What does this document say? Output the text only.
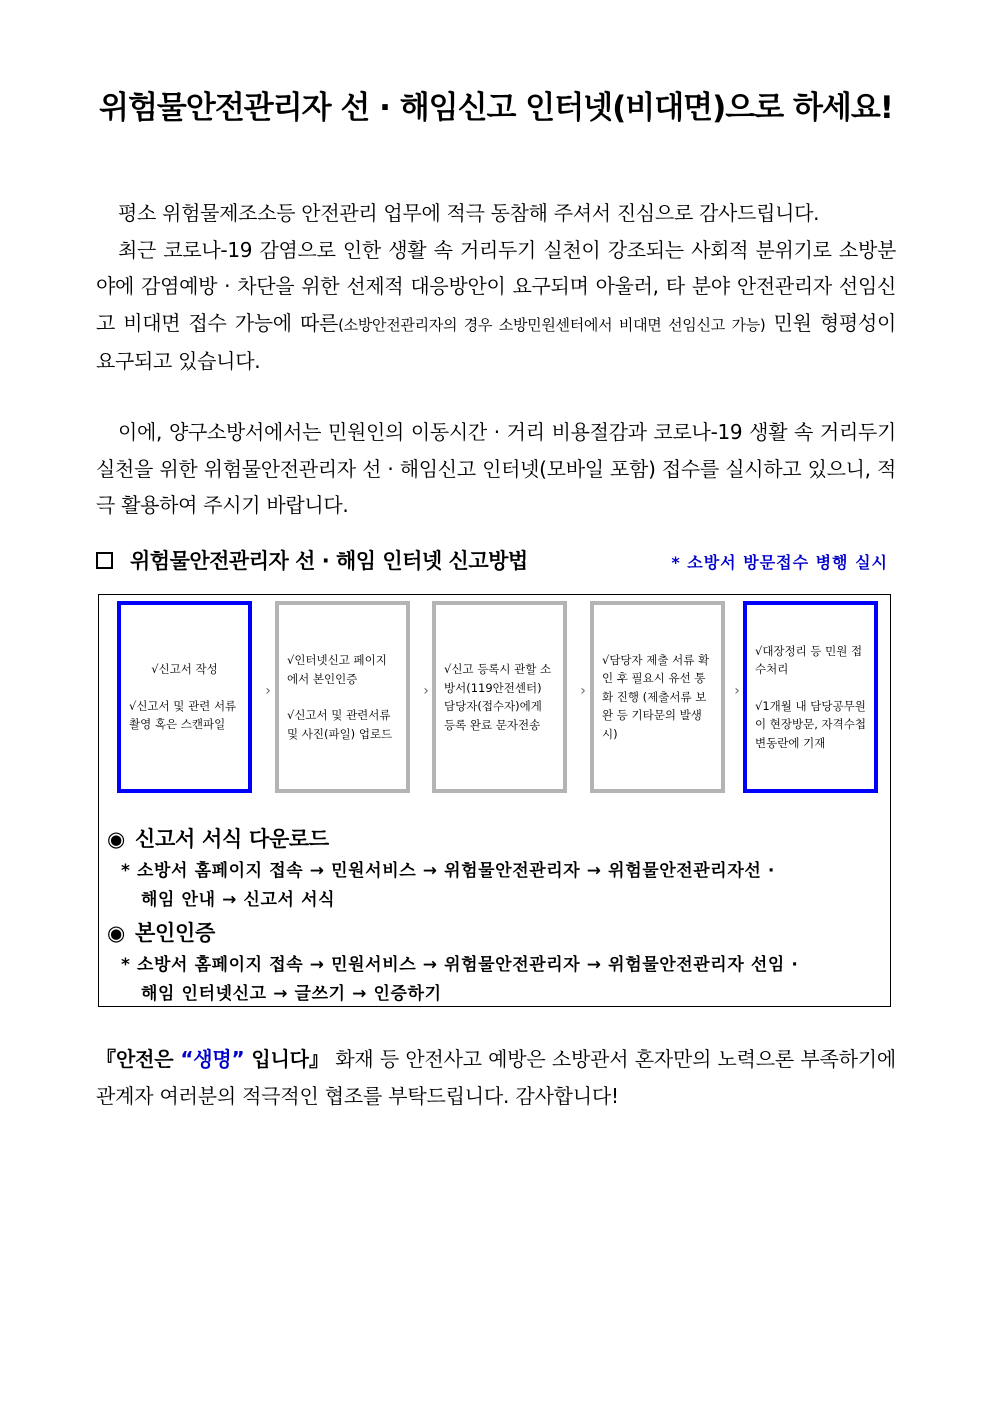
위험물안전관리자 선 · 해임신고 인터넷(비대면)으로 하세요!

평소 위험물제조소등 안전관리 업무에 적극 동참해 주셔서 진심으로 감사드립니다.
최근 코로나-19 감염으로 인한 생활 속 거리두기 실천이 강조되는 사회적 분위기로 소방분야에 감염예방 · 차단을 위한 선제적 대응방안이 요구되며 아울러, 타 분야 안전관리자 선임신고 비대면 접수 가능에 따른(소방안전관리자의 경우 소방민원센터에서 비대면 선임신고 가능) 민원 형평성이 요구되고 있습니다.

이에, 양구소방서에서는 민원인의 이동시간 · 거리 비용절감과 코로나-19 생활 속 거리두기 실천을 위한 위험물안전관리자 선 · 해임신고 인터넷(모바일 포함) 접수를 실시하고 있으니, 적극 활용하여 주시기 바랍니다.

위험물안전관리자 선 · 해임 인터넷 신고방법	* 소방서 방문접수 병행 실시
√신고서 작성
√신고서 및 관련 서류 촬영 혹은 스캔파일
›
√인터넷신고 페이지 에서 본인인증
√신고서 및 관련서류 및 사진(파일) 업로드
›
√신고 등록시 관할 소방서(119안전센터) 담당자(접수자)에게 등록 완료 문자전송
›
√담당자 제출 서류 확인 후 필요시 유선 통화 진행 (제출서류 보완 등 기타문의 발생시)
›
√대장정리 등 민원 접수처리
√1개월 내 담당공무원이 현장방문, 자격수첩 변동란에 기재
◉ 신고서 서식 다운로드
* 소방서 홈페이지 접속 → 민원서비스 → 위험물안전관리자 → 위험물안전관리자선 ·
해임 안내 → 신고서 서식
◉ 본인인증
* 소방서 홈페이지 접속 → 민원서비스 → 위험물안전관리자 → 위험물안전관리자 선임 ·
해임 인터넷신고 → 글쓰기 → 인증하기

『안전은 “생명” 입니다』 화재 등 안전사고 예방은 소방관서 혼자만의 노력으론 부족하기에 관계자 여러분의 적극적인 협조를 부탁드립니다. 감사합니다!
